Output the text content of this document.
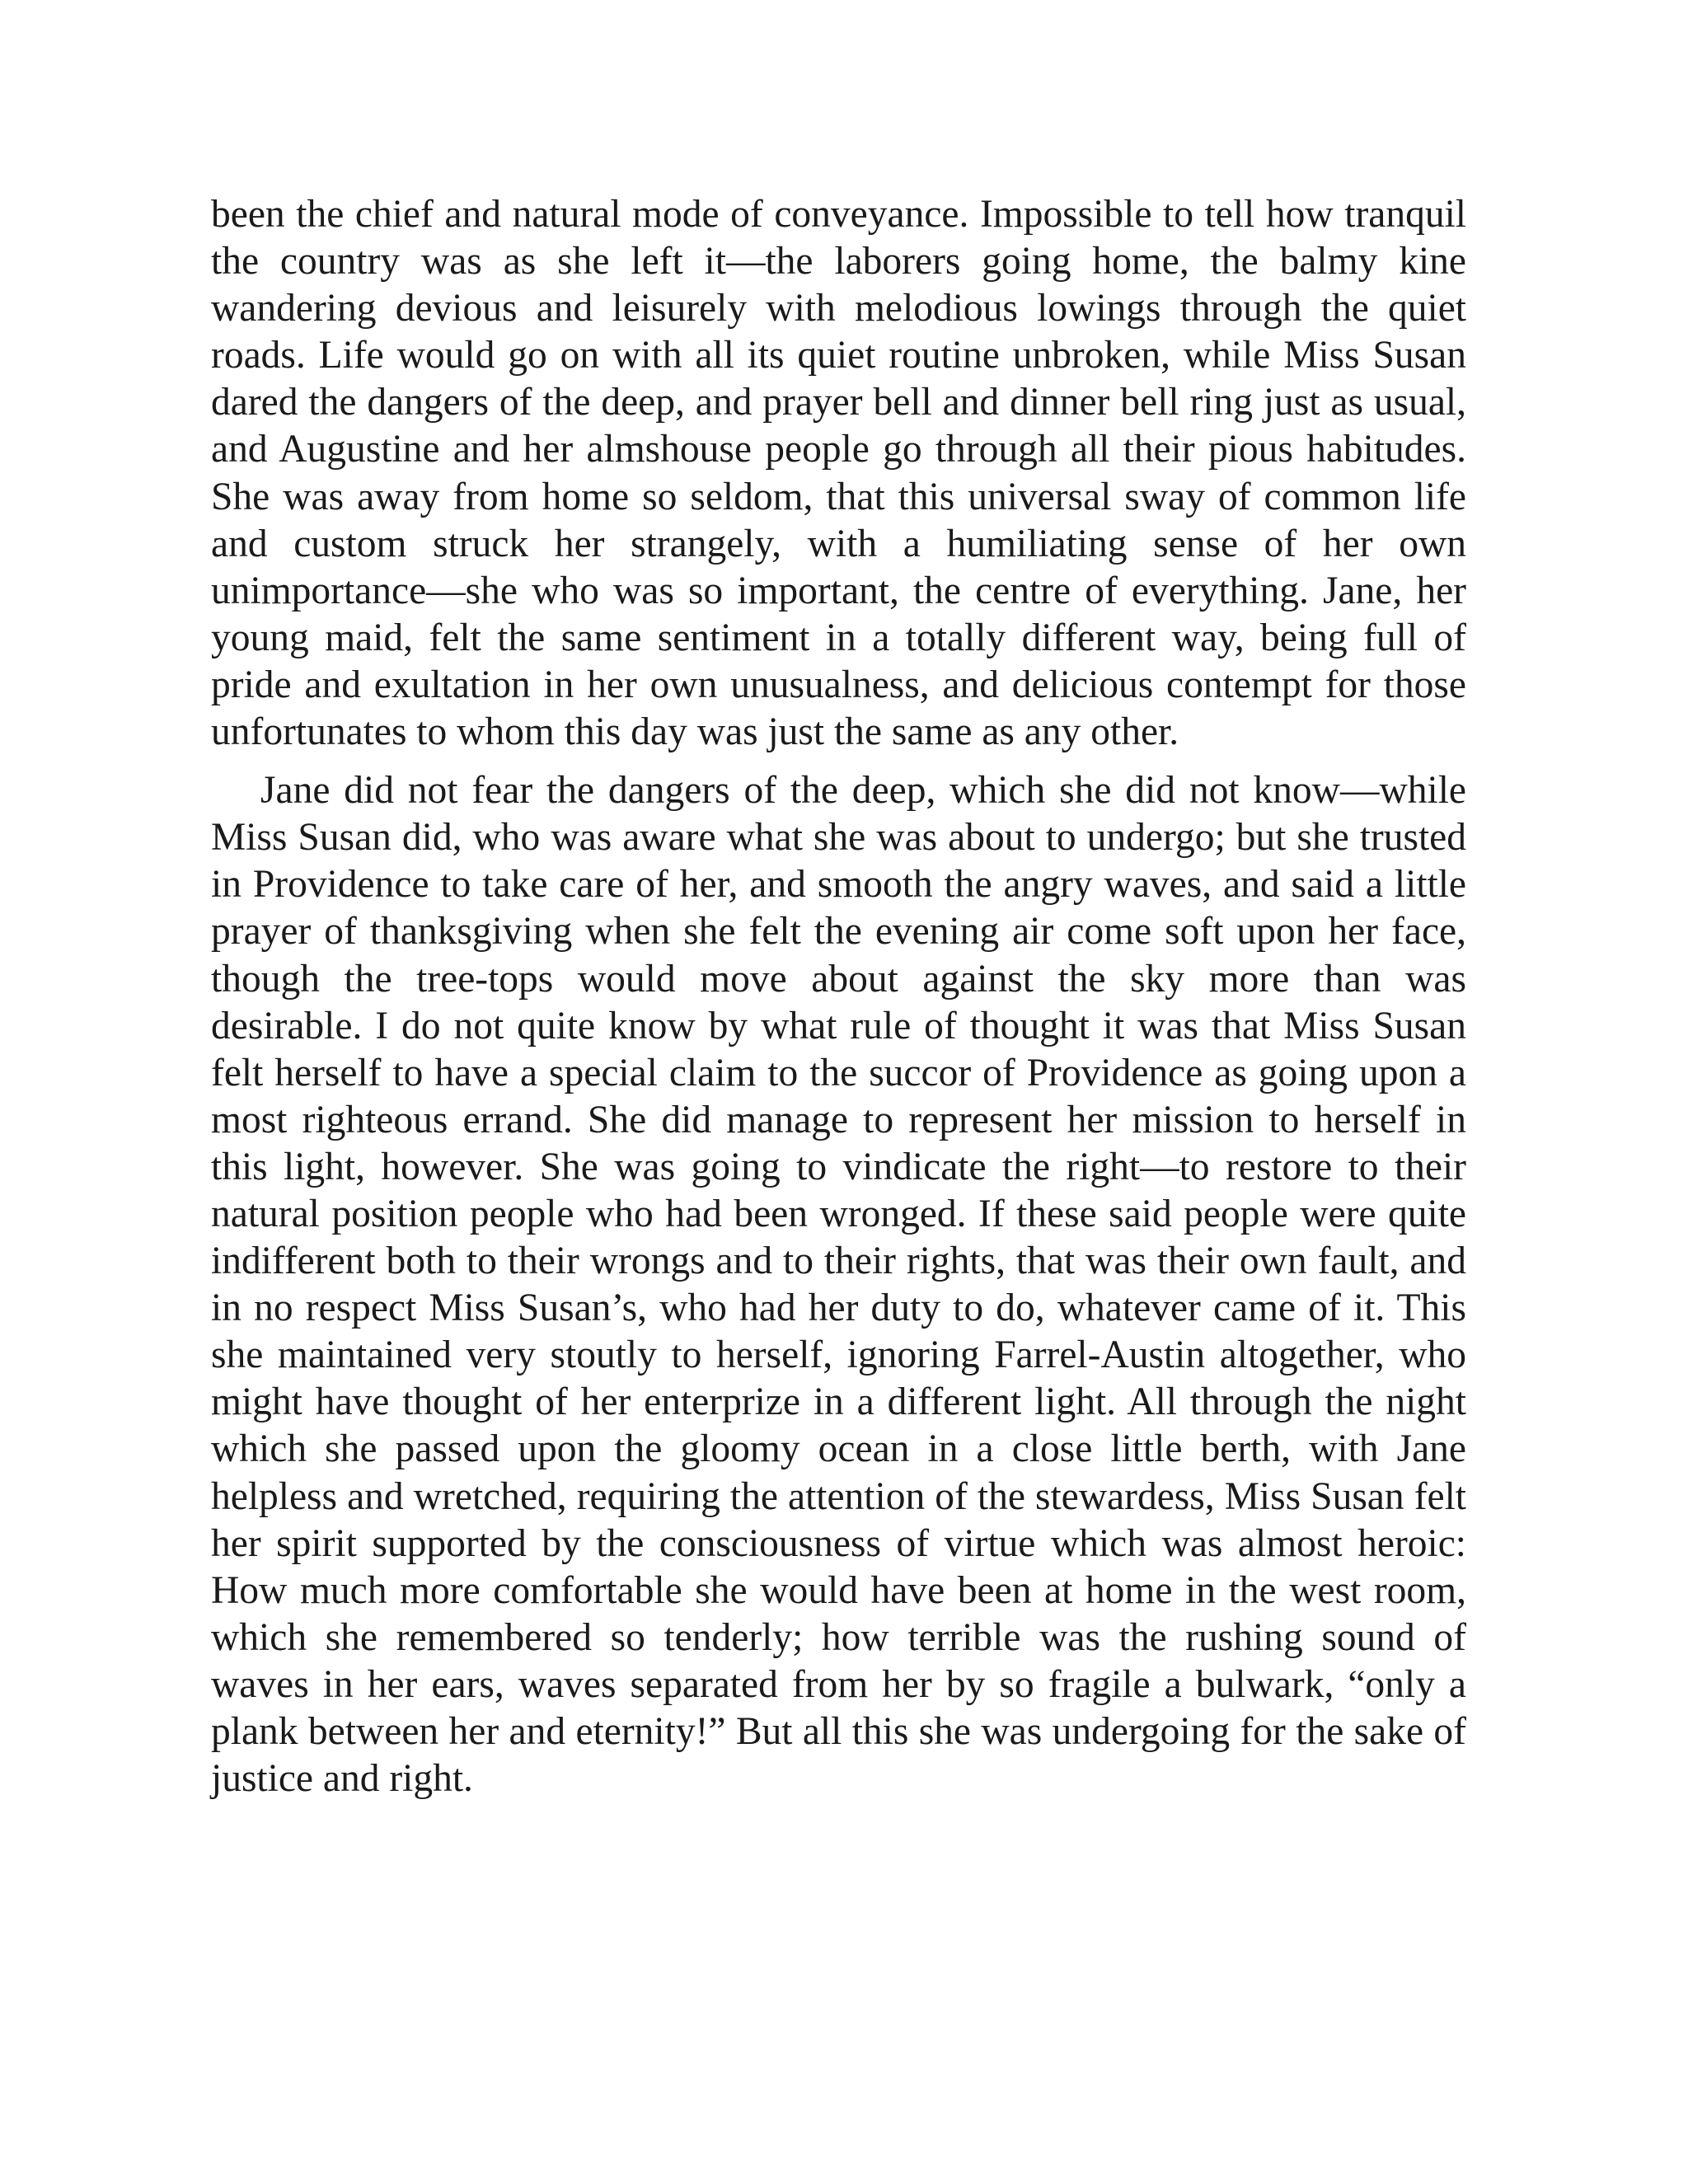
been the chief and natural mode of conveyance. Impossible to tell how tranquil the country was as she left it—the laborers going home, the balmy kine wandering devious and leisurely with melodious lowings through the quiet roads. Life would go on with all its quiet routine unbroken, while Miss Susan dared the dangers of the deep, and prayer bell and dinner bell ring just as usual, and Augustine and her almshouse people go through all their pious habitudes. She was away from home so seldom, that this universal sway of common life and custom struck her strangely, with a humiliating sense of her own unimportance—she who was so important, the centre of everything. Jane, her young maid, felt the same sentiment in a totally different way, being full of pride and exultation in her own unusualness, and delicious contempt for those unfortunates to whom this day was just the same as any other.

Jane did not fear the dangers of the deep, which she did not know—while Miss Susan did, who was aware what she was about to undergo; but she trusted in Providence to take care of her, and smooth the angry waves, and said a little prayer of thanksgiving when she felt the evening air come soft upon her face, though the tree-tops would move about against the sky more than was desirable. I do not quite know by what rule of thought it was that Miss Susan felt herself to have a special claim to the succor of Providence as going upon a most righteous errand. She did manage to represent her mission to herself in this light, however. She was going to vindicate the right—to restore to their natural position people who had been wronged. If these said people were quite indifferent both to their wrongs and to their rights, that was their own fault, and in no respect Miss Susan’s, who had her duty to do, whatever came of it. This she maintained very stoutly to herself, ignoring Farrel-Austin altogether, who might have thought of her enterprize in a different light. All through the night which she passed upon the gloomy ocean in a close little berth, with Jane helpless and wretched, requiring the attention of the stewardess, Miss Susan felt her spirit supported by the consciousness of virtue which was almost heroic: How much more comfortable she would have been at home in the west room, which she remembered so tenderly; how terrible was the rushing sound of waves in her ears, waves separated from her by so fragile a bulwark, “only a plank between her and eternity!” But all this she was undergoing for the sake of justice and right.
